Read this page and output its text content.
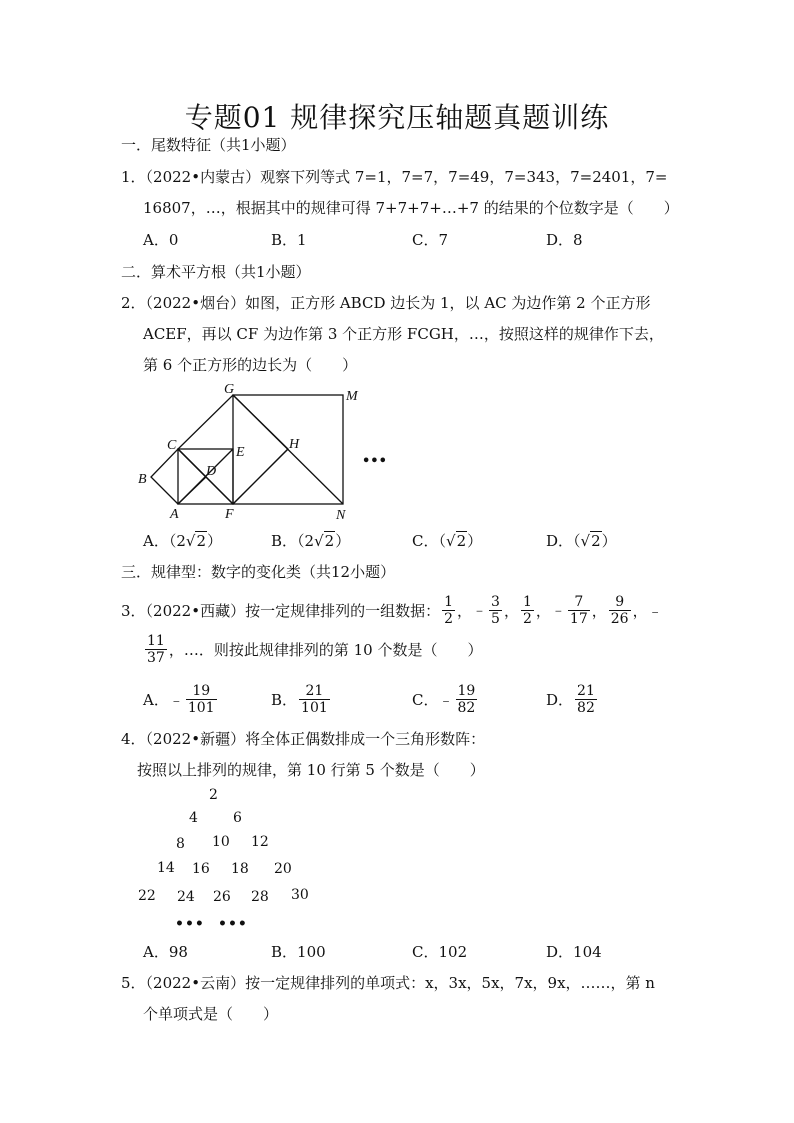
专题01 规律探究压轴题真题训练
一．尾数特征（共1小题）
1．（2022•内蒙古）观察下列等式 7=1，7=7，7=49，7=343，7=2401，7=
16807，…，根据其中的规律可得 7+7+7+…+7 的结果的个位数字是（　　）
A．0	B．1	C．7	D．8
二．算术平方根（共1小题）
2．（2022•烟台）如图，正方形 ABCD 边长为 1，以 AC 为边作第 2 个正方形
ACEF，再以 CF 为边作第 3 个正方形 FCGH，…，按照这样的规律作下去，
第 6 个正方形的边长为（　　）
G	M
C	E
H
D
B
A	F	N
•••
A．（2√2）	B．（2√2）	C．（√2）	D．（√2）
三．规律型：数字的变化类（共12小题）
3．（2022•西藏）按一定规律排列的一组数据： $\frac{1}{2}$ ， ﹣ $\frac{3}{5}$ ， $\frac{1}{2}$ ， ﹣ $\frac{7}{17}$ ， $\frac{9}{26}$ ， ﹣
$\frac{11}{37}$ ，…．则按此规律排列的第 10 个数是（　　）
A． ﹣ $\frac{19}{101}$	B． $\frac{21}{101}$	C． ﹣ $\frac{19}{82}$	D． $\frac{21}{82}$
4．（2022•新疆）将全体正偶数排成一个三角形数阵：
按照以上排列的规律，第 10 行第 5 个数是（　　）
2
4	6
8 10 12
14 16 18 20
22 24 26 28 30
••• •••
A．98	B．100	C．102	D．104
5．（2022•云南）按一定规律排列的单项式：x，3x，5x，7x，9x，……，第 n
个单项式是（　　）
